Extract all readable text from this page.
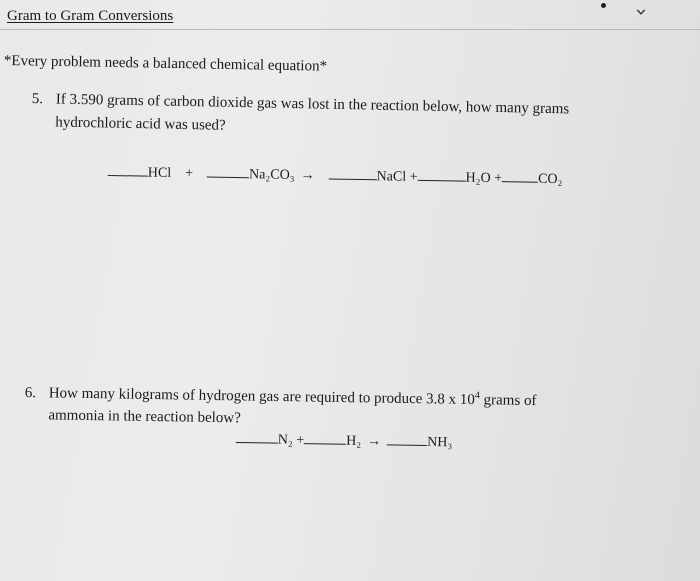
Gram to Gram Conversions	‹
*Every problem needs a balanced chemical equation*
5. If 3.590 grams of carbon dioxide gas was lost in the reaction below, how many grams
hydrochloric acid was used?
HCl +	Na₂CO₃ →	NaCl +	H₂O +	CO₂
6. How many kilograms of hydrogen gas are required to produce 3.8 x $10^4$ grams of
ammonia in the reaction below?
N₂ +	H₂ →	NH₃
